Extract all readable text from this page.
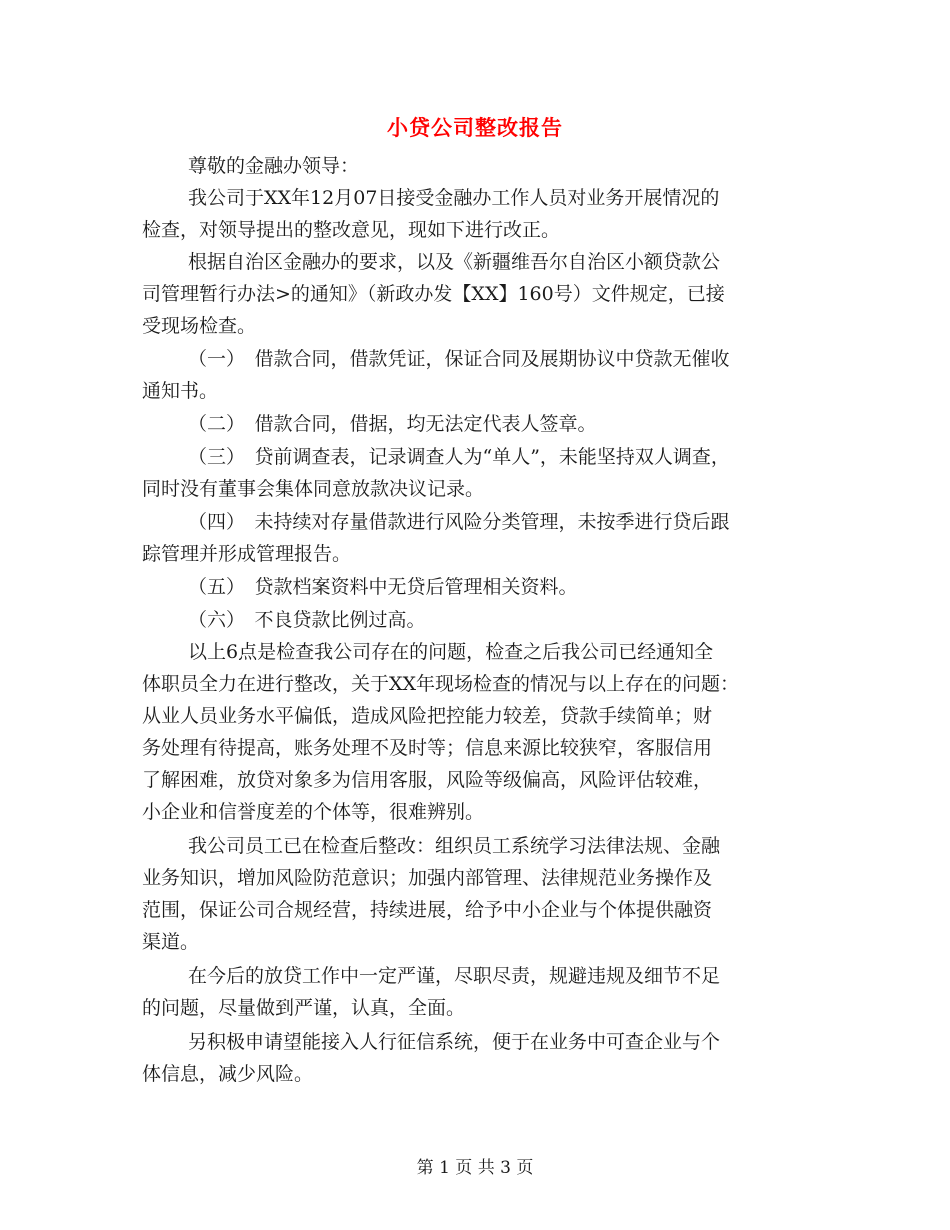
小贷公司整改报告
尊敬的金融办领导：
我公司于XX年12月07日接受金融办工作人员对业务开展情况的
检查，对领导提出的整改意见，现如下进行改正。
根据自治区金融办的要求，以及《新疆维吾尔自治区小额贷款公
司管理暂行办法>的通知》（新政办发【XX】160号）文件规定，已接
受现场检查。
（一）　借款合同，借款凭证，保证合同及展期协议中贷款无催收
通知书。
（二）　借款合同，借据，均无法定代表人签章。
（三）　贷前调查表，记录调查人为“单人”，未能坚持双人调查，
同时没有董事会集体同意放款决议记录。
（四）　未持续对存量借款进行风险分类管理，未按季进行贷后跟
踪管理并形成管理报告。
（五）　贷款档案资料中无贷后管理相关资料。
（六）　不良贷款比例过高。
以上6点是检查我公司存在的问题，检查之后我公司已经通知全
体职员全力在进行整改，关于XX年现场检查的情况与以上存在的问题：
从业人员业务水平偏低，造成风险把控能力较差，贷款手续简单；财
务处理有待提高，账务处理不及时等；信息来源比较狭窄，客服信用
了解困难，放贷对象多为信用客服，风险等级偏高，风险评估较难，
小企业和信誉度差的个体等，很难辨别。
我公司员工已在检查后整改：组织员工系统学习法律法规、金融
业务知识，增加风险防范意识；加强内部管理、法律规范业务操作及
范围，保证公司合规经营，持续进展，给予中小企业与个体提供融资
渠道。
在今后的放贷工作中一定严谨，尽职尽责，规避违规及细节不足
的问题，尽量做到严谨，认真，全面。
另积极申请望能接入人行征信系统，便于在业务中可查企业与个
体信息，减少风险。
第 1 页 共 3 页
